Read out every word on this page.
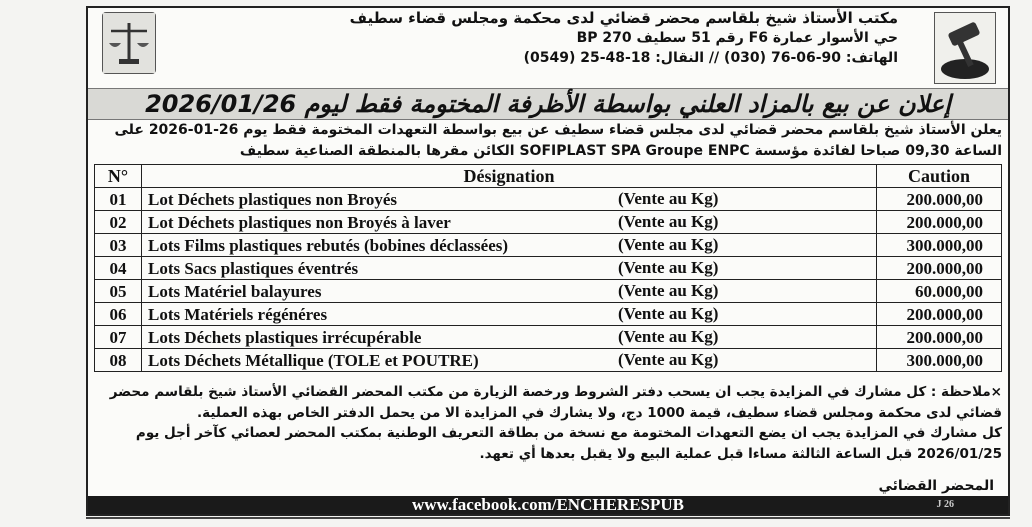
مكتب الأستاذ شيخ بلقاسم محضر قضائي لدى محكمة ومجلس قضاء سطيف
حي الأسوار عمارة F6 رقم 51 سطيف BP 270
الهاتف: 90-06-76 (030) // النقال: 18-48-25 (0549)
إعلان عن بيع بالمزاد العلني بواسطة الأظرفة المختومة فقط ليوم 2026/01/26
يعلن الأستاذ شيخ بلقاسم محضر قضائي لدى مجلس قضاء سطيف عن بيع بواسطة التعهدات المختومة فقط يوم 26-01-2026 على الساعة 09,30 صباحا لفائدة مؤسسة SOFIPLAST SPA Groupe ENPC الكائن مقرها بالمنطقة الصناعية سطيف
N°	Désignation	Caution
01	Lot Déchets plastiques non Broyés (Vente au Kg)	200.000,00
02	Lot Déchets plastiques non Broyés à laver (Vente au Kg)	200.000,00
03	Lots Films plastiques rebutés (bobines déclassées) (Vente au Kg)	300.000,00
04	Lots Sacs plastiques éventrés (Vente au Kg)	200.000,00
05	Lots Matériel balayures (Vente au Kg)	60.000,00
06	Lots Matériels régénéres (Vente au Kg)	200.000,00
07	Lots Déchets plastiques irrécupérable (Vente au Kg)	200.000,00
08	Lots Déchets Métallique (TOLE et POUTRE) (Vente au Kg)	300.000,00
×ملاحظة : كل مشارك في المزايدة يجب ان يسحب دفتر الشروط ورخصة الزيارة من مكتب المحضر القضائي الأستاذ شيخ بلقاسم محضر قضائي لدى محكمة ومجلس قضاء سطيف، قيمة 1000 دج، ولا يشارك في المزايدة الا من يحمل الدفتر الخاص بهذه العملية.
كل مشارك في المزايدة يجب ان يضع التعهدات المختومة مع نسخة من بطاقة التعريف الوطنية بمكتب المحضر لعصائي كآخر أجل يوم 2026/01/25 قبل الساعة الثالثة مساءا قبل عملية البيع ولا يقبل بعدها أي تعهد.
المحضر القضائي
www.facebook.com/ENCHERESPUB	J 26
